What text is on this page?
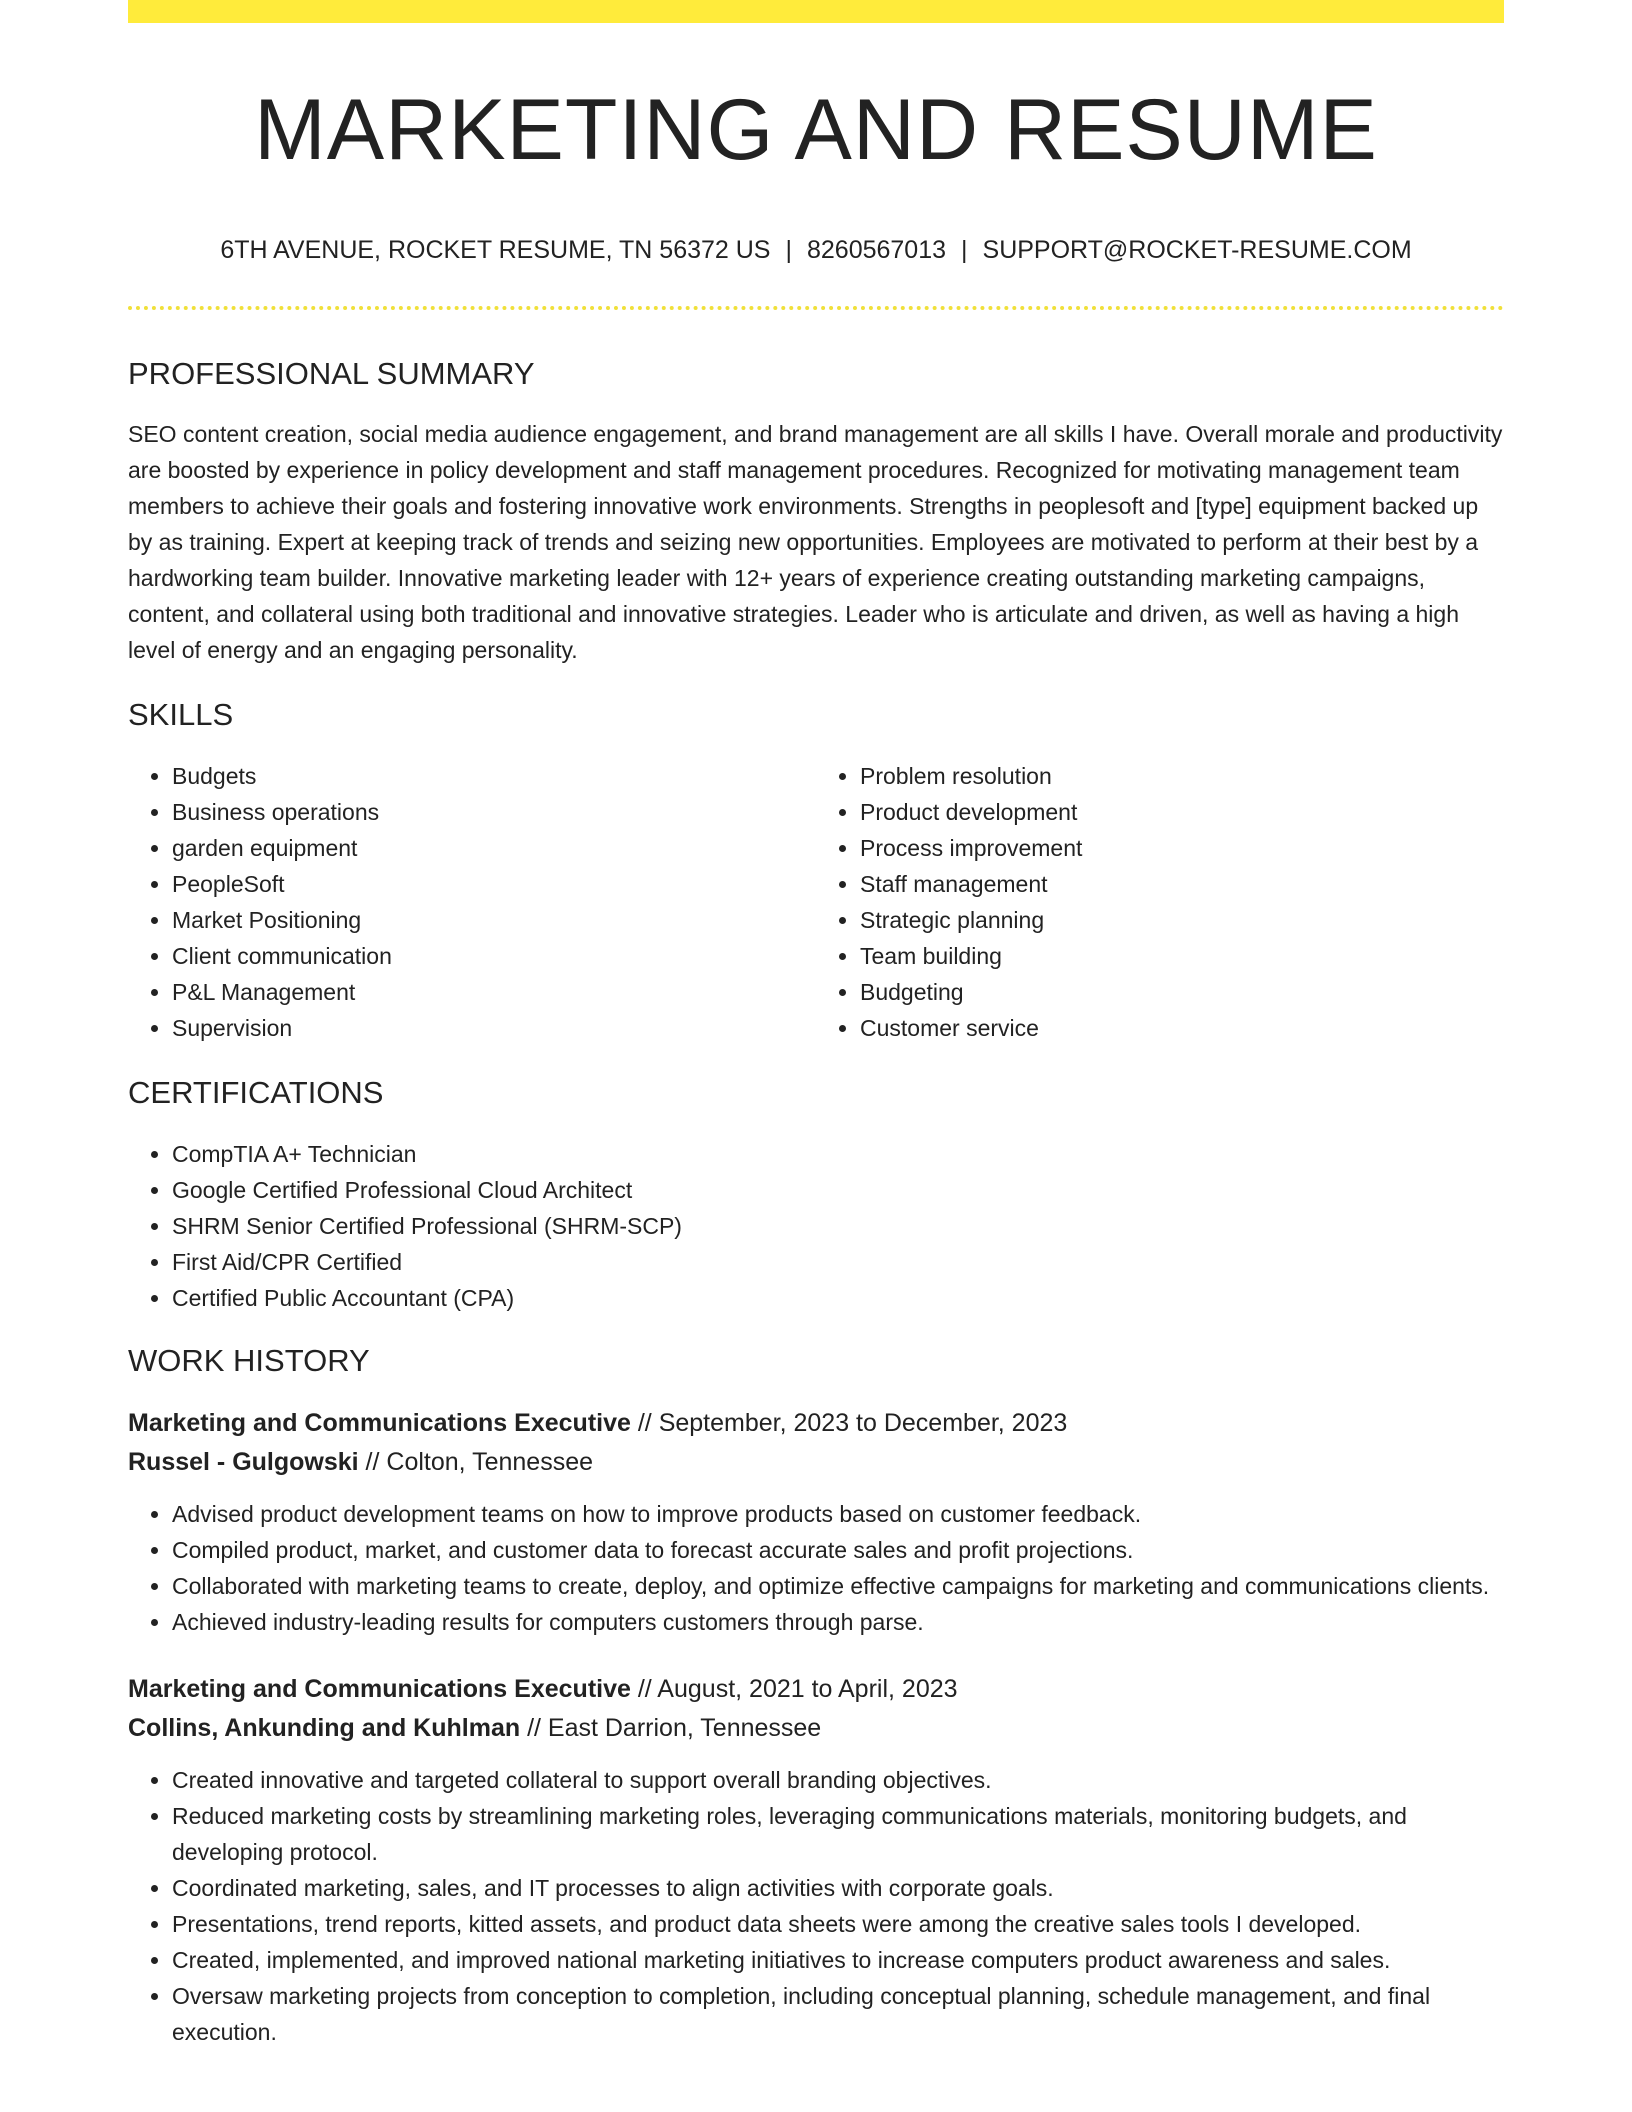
MARKETING AND RESUME
6TH AVENUE, ROCKET RESUME, TN 56372 US | 8260567013 | SUPPORT@ROCKET-RESUME.COM
PROFESSIONAL SUMMARY

SEO content creation, social media audience engagement, and brand management are all skills I have. Overall morale and productivity are boosted by experience in policy development and staff management procedures. Recognized for motivating management team members to achieve their goals and fostering innovative work environments. Strengths in peoplesoft and [type] equipment backed up by as training. Expert at keeping track of trends and seizing new opportunities. Employees are motivated to perform at their best by a hardworking team builder. Innovative marketing leader with 12+ years of experience creating outstanding marketing campaigns, content, and collateral using both traditional and innovative strategies. Leader who is articulate and driven, as well as having a high level of energy and an engaging personality.

SKILLS
• Budgets
• Business operations
• garden equipment
• PeopleSoft
• Market Positioning
• Client communication
• P&L Management
• Supervision
• Problem resolution
• Product development
• Process improvement
• Staff management
• Strategic planning
• Team building
• Budgeting
• Customer service
CERTIFICATIONS
• CompTIA A+ Technician
• Google Certified Professional Cloud Architect
• SHRM Senior Certified Professional (SHRM-SCP)
• First Aid/CPR Certified
• Certified Public Accountant (CPA)
WORK HISTORY
Marketing and Communications Executive // September, 2023 to December, 2023
Russel - Gulgowski // Colton, Tennessee
• Advised product development teams on how to improve products based on customer feedback.
• Compiled product, market, and customer data to forecast accurate sales and profit projections.
• Collaborated with marketing teams to create, deploy, and optimize effective campaigns for marketing and communications clients.
• Achieved industry-leading results for computers customers through parse.
Marketing and Communications Executive // August, 2021 to April, 2023
Collins, Ankunding and Kuhlman // East Darrion, Tennessee
• Created innovative and targeted collateral to support overall branding objectives.
• Reduced marketing costs by streamlining marketing roles, leveraging communications materials, monitoring budgets, and developing protocol.
• Coordinated marketing, sales, and IT processes to align activities with corporate goals.
• Presentations, trend reports, kitted assets, and product data sheets were among the creative sales tools I developed.
• Created, implemented, and improved national marketing initiatives to increase computers product awareness and sales.
• Oversaw marketing projects from conception to completion, including conceptual planning, schedule management, and final execution.
